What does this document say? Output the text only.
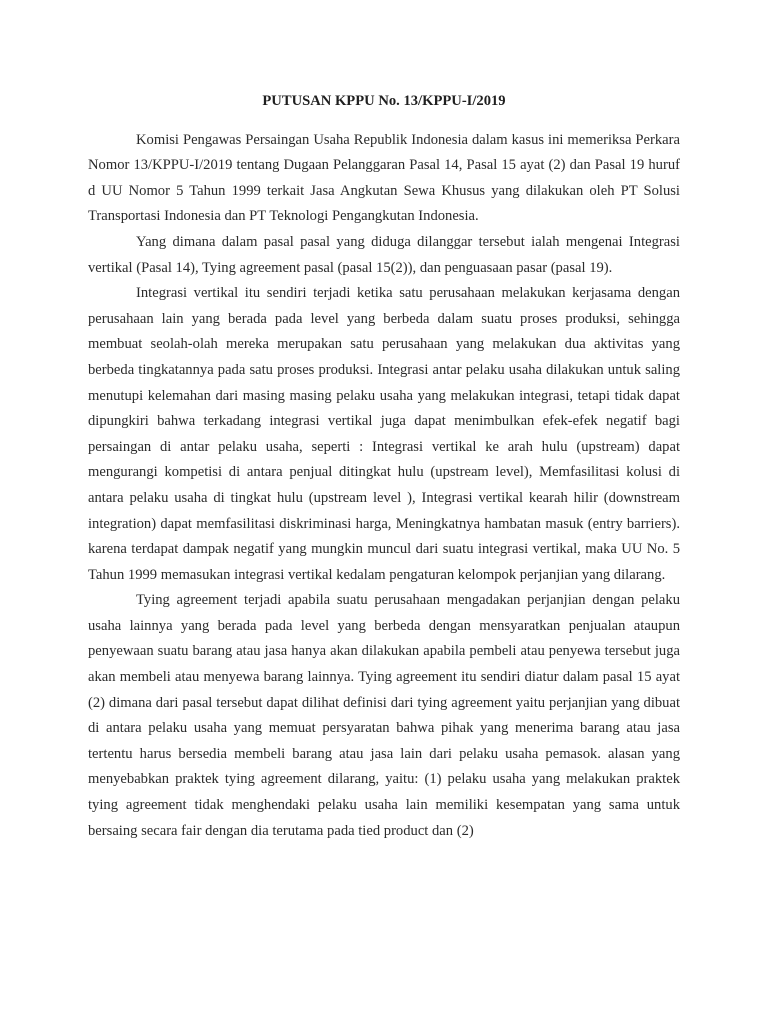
PUTUSAN KPPU No. 13/KPPU-I/2019

Komisi Pengawas Persaingan Usaha Republik Indonesia dalam kasus ini memeriksa Perkara Nomor 13/KPPU-I/2019 tentang Dugaan Pelanggaran Pasal 14, Pasal 15 ayat (2) dan Pasal 19 huruf d UU Nomor 5 Tahun 1999 terkait Jasa Angkutan Sewa Khusus yang dilakukan oleh PT Solusi Transportasi Indonesia dan PT Teknologi Pengangkutan Indonesia.

Yang dimana dalam pasal pasal yang diduga dilanggar tersebut ialah mengenai Integrasi vertikal (Pasal 14), Tying agreement pasal (pasal 15(2)), dan penguasaan pasar (pasal 19).

Integrasi vertikal itu sendiri terjadi ketika satu perusahaan melakukan kerjasama dengan perusahaan lain yang berada pada level yang berbeda dalam suatu proses produksi, sehingga membuat seolah-olah mereka merupakan satu perusahaan yang melakukan dua aktivitas yang berbeda tingkatannya pada satu proses produksi. Integrasi antar pelaku usaha dilakukan untuk saling menutupi kelemahan dari masing masing pelaku usaha yang melakukan integrasi, tetapi tidak dapat dipungkiri bahwa terkadang integrasi vertikal juga dapat menimbulkan efek-efek negatif bagi persaingan di antar pelaku usaha, seperti : Integrasi vertikal ke arah hulu (upstream) dapat mengurangi kompetisi di antara penjual ditingkat hulu (upstream level), Memfasilitasi kolusi di antara pelaku usaha di tingkat hulu (upstream level ), Integrasi vertikal kearah hilir (downstream integration) dapat memfasilitasi diskriminasi harga, Meningkatnya hambatan masuk (entry barriers). karena terdapat dampak negatif yang mungkin muncul dari suatu integrasi vertikal, maka UU No. 5 Tahun 1999 memasukan integrasi vertikal kedalam pengaturan kelompok perjanjian yang dilarang.

Tying agreement terjadi apabila suatu perusahaan mengadakan perjanjian dengan pelaku usaha lainnya yang berada pada level yang berbeda dengan mensyaratkan penjualan ataupun penyewaan suatu barang atau jasa hanya akan dilakukan apabila pembeli atau penyewa tersebut juga akan membeli atau menyewa barang lainnya. Tying agreement itu sendiri diatur dalam pasal 15 ayat (2) dimana dari pasal tersebut dapat dilihat definisi dari tying agreement yaitu perjanjian yang dibuat di antara pelaku usaha yang memuat persyaratan bahwa pihak yang menerima barang atau jasa tertentu harus bersedia membeli barang atau jasa lain dari pelaku usaha pemasok. alasan yang menyebabkan praktek tying agreement dilarang, yaitu: (1) pelaku usaha yang melakukan praktek tying agreement tidak menghendaki pelaku usaha lain memiliki kesempatan yang sama untuk bersaing secara fair dengan dia terutama pada tied product dan (2)
